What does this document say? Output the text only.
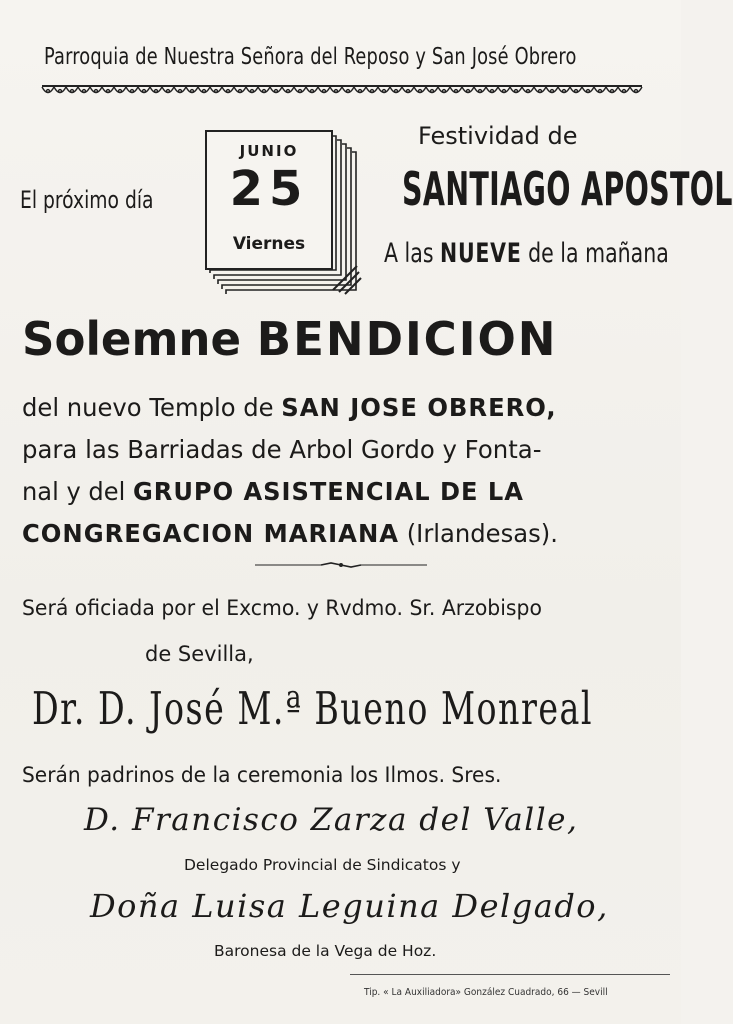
Parroquia de Nuestra Señora del Reposo y San José Obrero
El próximo día
JUNIO
25
Viernes
Festividad de
SANTIAGO APOSTOL
A las NUEVE de la mañana
Solemne BENDICION
del nuevo Templo de SAN JOSE OBRERO,
para las Barriadas de Arbol Gordo y Fonta-
nal y del GRUPO ASISTENCIAL DE LA
CONGREGACION MARIANA (Irlandesas).
Será oficiada por el Excmo. y Rvdmo. Sr. Arzobispo
de Sevilla,
Dr. D. José M.ª Bueno Monreal
Serán padrinos de la ceremonia los Ilmos. Sres.
D. Francisco Zarza del Valle,
Delegado Provincial de Sindicatos y
Doña Luisa Leguina Delgado,
Baronesa de la Vega de Hoz.
Tip. « La Auxiliadora» González Cuadrado, 66 — Sevill
